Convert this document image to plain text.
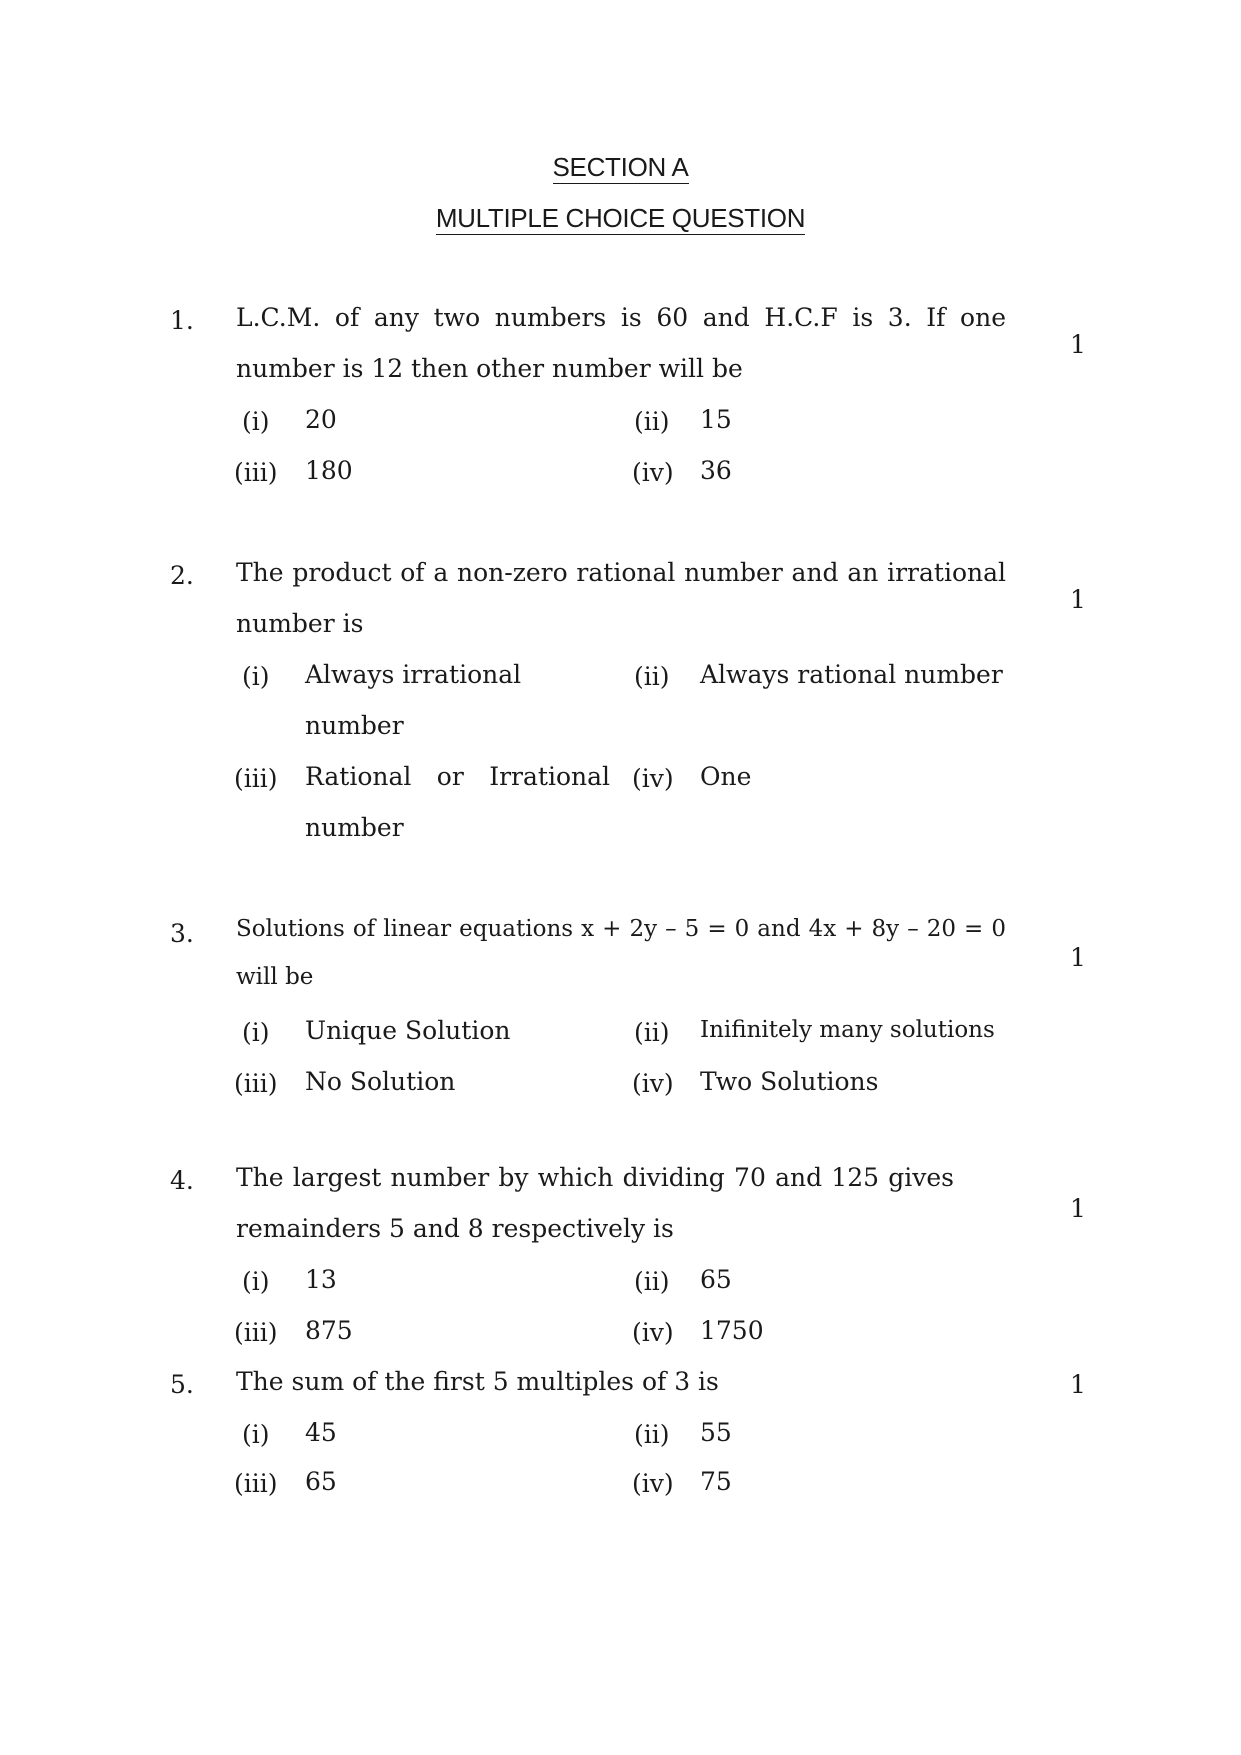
SECTION A
MULTIPLE CHOICE QUESTION
1. L.C.M. of any two numbers is 60 and H.C.F is 3. If one number is 12 then other number will be
1
(i) 20	(ii) 15
(iii) 180	(iv) 36
2. The product of a non-zero rational number and an irrational number is
1
(i) Always irrational number
(ii) Always rational number
(iii) Rational or Irrational number
(iv) One
3. Solutions of linear equations x + 2y – 5 = 0 and 4x + 8y – 20 = 0 will be
1
(i) Unique Solution	(ii) Inifinitely many solutions
(iii) No Solution	(iv) Two Solutions
4. The largest number by which dividing 70 and 125 gives remainders 5 and 8 respectively is
1
(i) 13	(ii) 65
(iii) 875	(iv) 1750
5. The sum of the first 5 multiples of 3 is	1
(i) 45	(ii) 55
(iii) 65	(iv) 75
